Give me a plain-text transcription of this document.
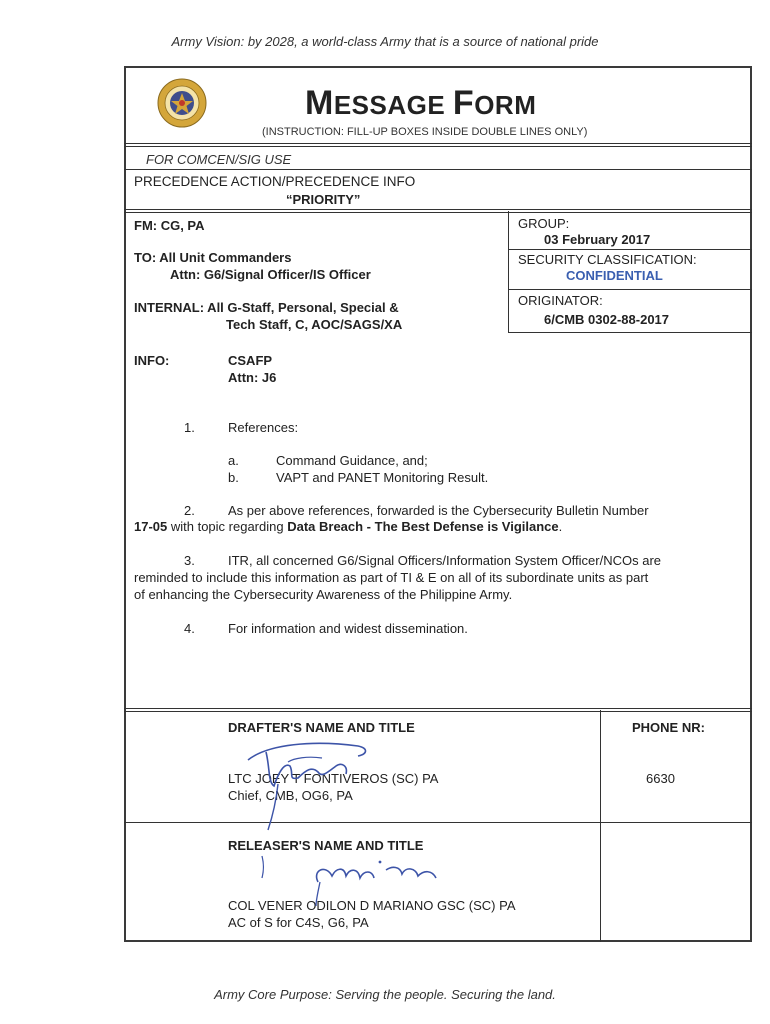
Army Vision: by 2028, a world-class Army that is a source of national pride
MESSAGE FORM
(INSTRUCTION: FILL-UP BOXES INSIDE DOUBLE LINES ONLY)
FOR COMCEN/SIG USE
PRECEDENCE ACTION/PRECEDENCE INFO
“PRIORITY”
FM: CG, PA
TO: All Unit Commanders
Attn: G6/Signal Officer/IS Officer
INTERNAL: All G-Staff, Personal, Special &
Tech Staff, C, AOC/SAGS/XA
INFO:	CSAFP
Attn: J6
GROUP:
03 February 2017
SECURITY CLASSIFICATION:
CONFIDENTIAL
ORIGINATOR:
6/CMB 0302-88-2017
1.	References:
a.	Command Guidance, and;
b.	VAPT and PANET Monitoring Result.
2.	As per above references, forwarded is the Cybersecurity Bulletin Number
17-05 with topic regarding Data Breach - The Best Defense is Vigilance.
3.	ITR, all concerned G6/Signal Officers/Information System Officer/NCOs are
reminded to include this information as part of TI & E on all of its subordinate units as part
of enhancing the Cybersecurity Awareness of the Philippine Army.
4.	For information and widest dissemination.
DRAFTER'S NAME AND TITLE
LTC JOEY T FONTIVEROS (SC) PA
Chief, CMB, OG6, PA
PHONE NR:
6630
RELEASER'S NAME AND TITLE
COL VENER ODILON D MARIANO GSC (SC) PA
AC of S for C4S, G6, PA
Army Core Purpose: Serving the people. Securing the land.
